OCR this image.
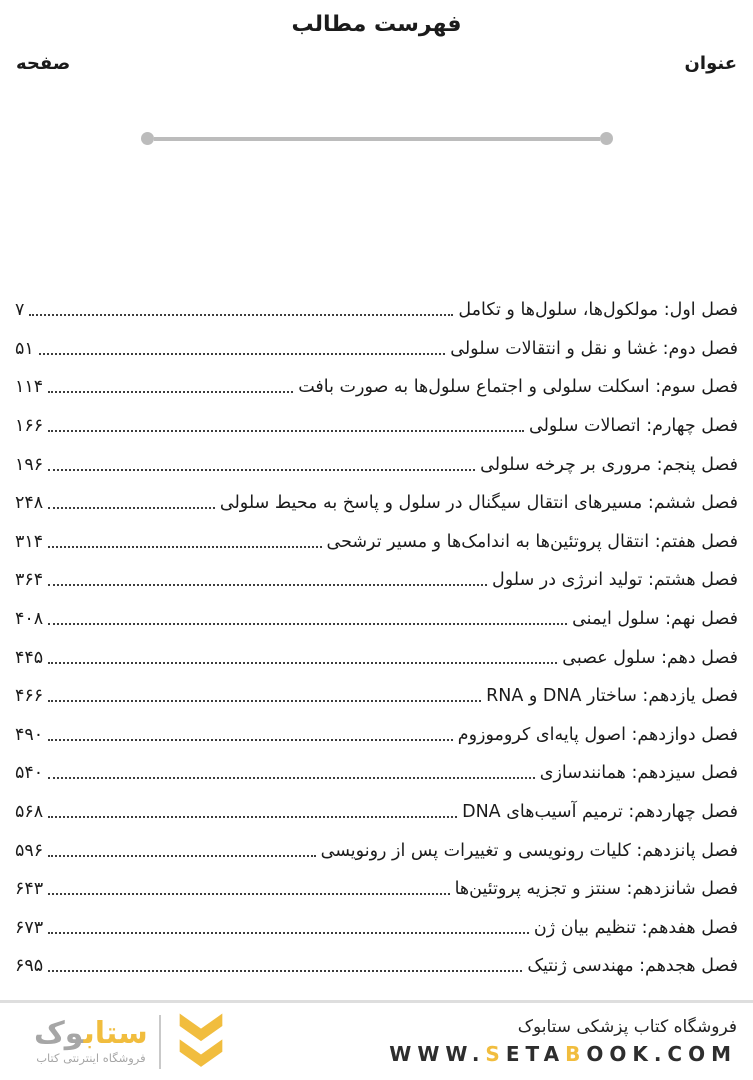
فهرست مطالب
صفحه	عنوان
فصل اول: مولکول‌ها، سلول‌ها و تکامل
۷
فصل دوم: غشا و نقل و انتقالات سلولی
۵۱
فصل سوم: اسکلت سلولی و اجتماع سلول‌ها به صورت بافت
۱۱۴
فصل چهارم: اتصالات سلولی
۱۶۶
فصل پنجم: مروری بر چرخه سلولی
۱۹۶
فصل ششم: مسیرهای انتقال سیگنال در سلول و پاسخ به محیط سلولی
۲۴۸
فصل هفتم: انتقال پروتئین‌ها به اندامک‌ها و مسیر ترشحی
۳۱۴
فصل هشتم: تولید انرژی در سلول
۳۶۴
فصل نهم: سلول ایمنی
۴۰۸
فصل دهم: سلول عصبی
۴۴۵
فصل یازدهم: ساختار DNA و RNA
۴۶۶
فصل دوازدهم: اصول پایه‌ای کروموزوم
۴۹۰
فصل سیزدهم: همانندسازی
۵۴۰
فصل چهاردهم: ترمیم آسیب‌های DNA
۵۶۸
فصل پانزدهم: کلیات رونویسی و تغییرات پس از رونویسی
۵۹۶
فصل شانزدهم: سنتز و تجزیه پروتئین‌ها
۶۴۳
فصل هفدهم: تنظیم بیان ژن
۶۷۳
فصل هجدهم: مهندسی ژنتیک
۶۹۵
ستابوک
فروشگاه اینترنتی کتاب
فروشگاه کتاب پزشکی ستابوک
WWW.SETABOOK.COM
